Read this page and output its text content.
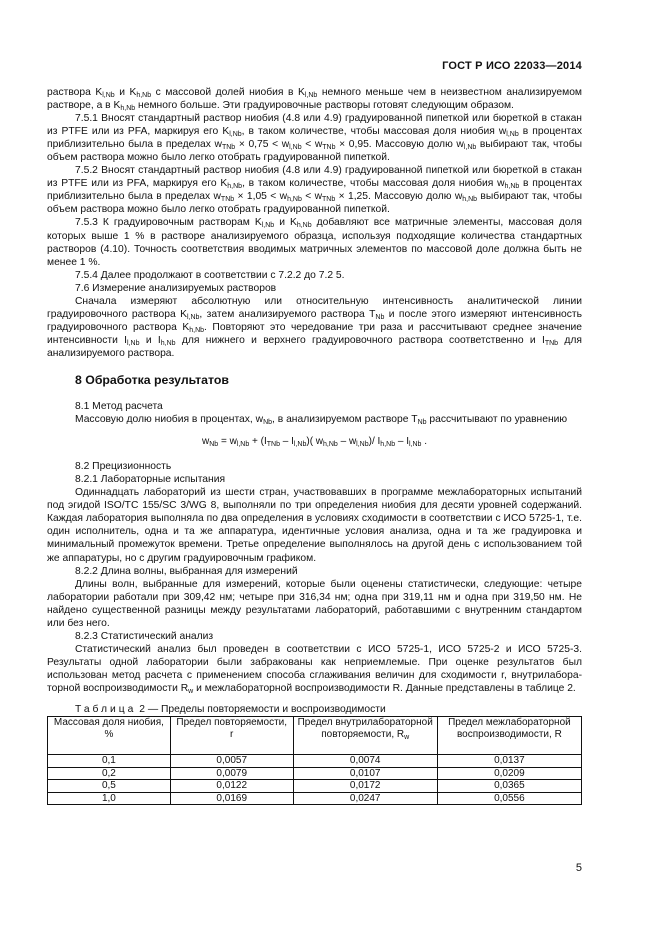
ГОСТ Р ИСО 22033—2014

раствора $K_{l,Nb}$ и $K_{h,Nb}$ с массовой долей ниобия в $K_{l,Nb}$ немного меньше чем в неизвестном анализируемом растворе, а в $K_{h,Nb}$ немного больше. Эти градуировочные растворы готовят следующим образом.

7.5.1 Вносят стандартный раствор ниобия (4.8 или 4.9) градуированной пипеткой или бюреткой в стакан из PTFE или из PFA, маркируя его $K_{l,Nb}$, в таком количестве, чтобы массовая доля ниобия $w_{l,Nb}$ в процентах приблизительно была в пределах $w_{TNb} \times 0,75 < w_{l,Nb} < w_{TNb} \times 0,95$. Массовую долю $w_{l,Nb}$ выбирают так, чтобы объем раствора можно было легко отобрать градуированной пипеткой.

7.5.2 Вносят стандартный раствор ниобия (4.8 или 4.9) градуированной пипеткой или бюреткой в стакан из PTFE или из PFA, маркируя его $K_{h,Nb}$, в таком количестве, чтобы массовая доля ниобия $w_{h,Nb}$ в процентах приблизительно была в пределах $w_{TNb} \times 1,05 < w_{h,Nb} < w_{TNb} \times 1,25$. Массовую долю $w_{h,Nb}$ выбирают так, чтобы объем раствора можно было легко отобрать градуированной пипеткой.

7.5.3 К градуировочным растворам $K_{l,Nb}$ и $K_{h,Nb}$ добавляют все матричные элементы, массовая доля которых выше 1 % в растворе анализируемого образца, используя подходящие количества стандартных растворов (4.10). Точность соответствия вводимых матричных элементов по массовой доле должна быть не менее 1 %.

7.5.4 Далее продолжают в соответствии с 7.2.2 до 7.2 5.

7.6 Измерение анализируемых растворов

Сначала измеряют абсолютную или относительную интенсивность аналитической линии градуировочного раствора $K_{l,Nb}$, затем анализируемого раствора $T_{Nb}$ и после этого измеряют интенсивность градуировочного раствора $K_{h,Nb}$. Повторяют это чередование три раза и рассчитывают среднее значение интенсивности $I_{l,Nb}$ и $I_{h,Nb}$ для нижнего и верхнего градуировочного раствора соответственно и $I_{TNb}$ для анализируемого раствора.

8 Обработка результатов

8.1 Метод расчета

Массовую долю ниобия в процентах, $w_{Nb}$, в анализируемом растворе $T_{Nb}$ рассчитывают по уравнению

$w_{Nb} = w_{l,Nb} + (I_{TNb} - I_{l,Nb})$( $w_{h,Nb} - w_{l,Nb})/$ $I_{h,Nb} - I_{l,Nb}$ .

8.2 Прецизионность

8.2.1 Лабораторные испытания

Одиннадцать лабораторий из шести стран, участвовавших в программе межлабораторных испытаний под эгидой ISO/TC 155/SC 3/WG 8, выполняли по три определения ниобия для десяти уровней содержаний. Каждая лаборатория выполняла по два определения в условиях сходимости в соответствии с ИСО 5725-1, т.е. один исполнитель, одна и та же аппаратура, идентичные условия анализа, одна и та же градуировка и минимальный промежуток времени. Третье определение выполнялось на другой день с использованием той же аппаратуры, но с другим градуировочным графиком.

8.2.2 Длина волны, выбранная для измерений

Длины волн, выбранные для измерений, которые были оценены статистически, следующие: четыре лаборатории работали при 309,42 нм; четыре при 316,34 нм; одна при 319,11 нм и одна при 319,50 нм. Не найдено существенной разницы между результатами лабораторий, работавшими с внутренним стандартом или без него.

8.2.3 Статистический анализ

Статистический анализ был проведен в соответствии с ИСО 5725-1, ИСО 5725-2 и ИСО 5725-3. Результаты одной лаборатории были забракованы как неприемлемые. При оценке результатов был использован метод расчета с применением способа сглаживания величин для сходимости r, внутрилабора-торной воспроизводимости $R_w$ и межлабораторной воспроизводимости R. Данные представлены в таблице 2.

Таблица 2 — Пределы повторяемости и воспроизводимости
Массовая доля ниобия, %	Предел повторяемости, r	Предел внутрилабораторной повторяемости, $R_w$	Предел межлабораторной воспроизводимости, R
0,1	0,0057	0,0074	0,0137
0,2	0,0079	0,0107	0,0209
0,5	0,0122	0,0172	0,0365
1,0	0,0169	0,0247	0,0556
5
